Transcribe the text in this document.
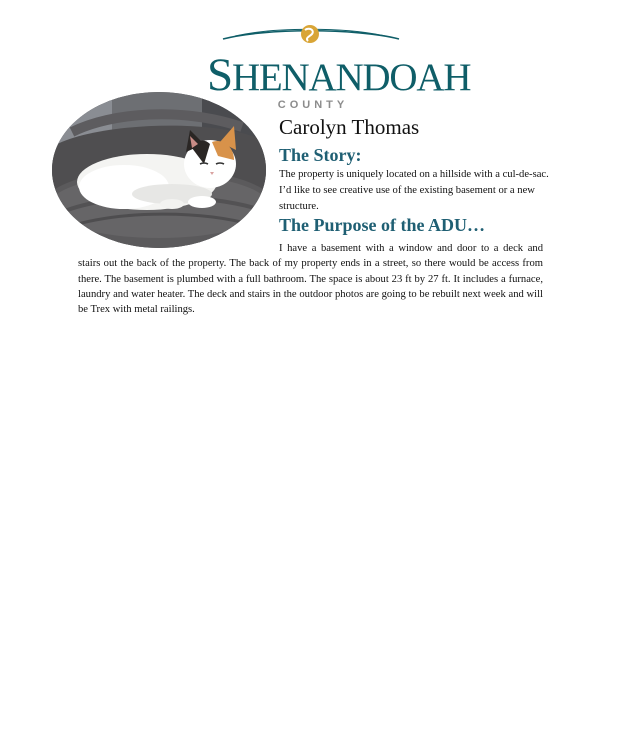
SHENANDOAH
COUNTY
Carolyn Thomas
The Story:
The property is uniquely located on a hillside with a cul-de-sac. I’d like to see creative use of the existing basement or a new structure.
The Purpose of the ADU…
I have a basement with a window and door to a deck and stairs out the back of the property. The back of my property ends in a street, so there would be access from there. The basement is plumbed with a full bathroom. The space is about 23 ft by 27 ft. It includes a furnace, laundry and water heater. The deck and stairs in the outdoor photos are going to be rebuilt next week and will be Trex with metal railings.
